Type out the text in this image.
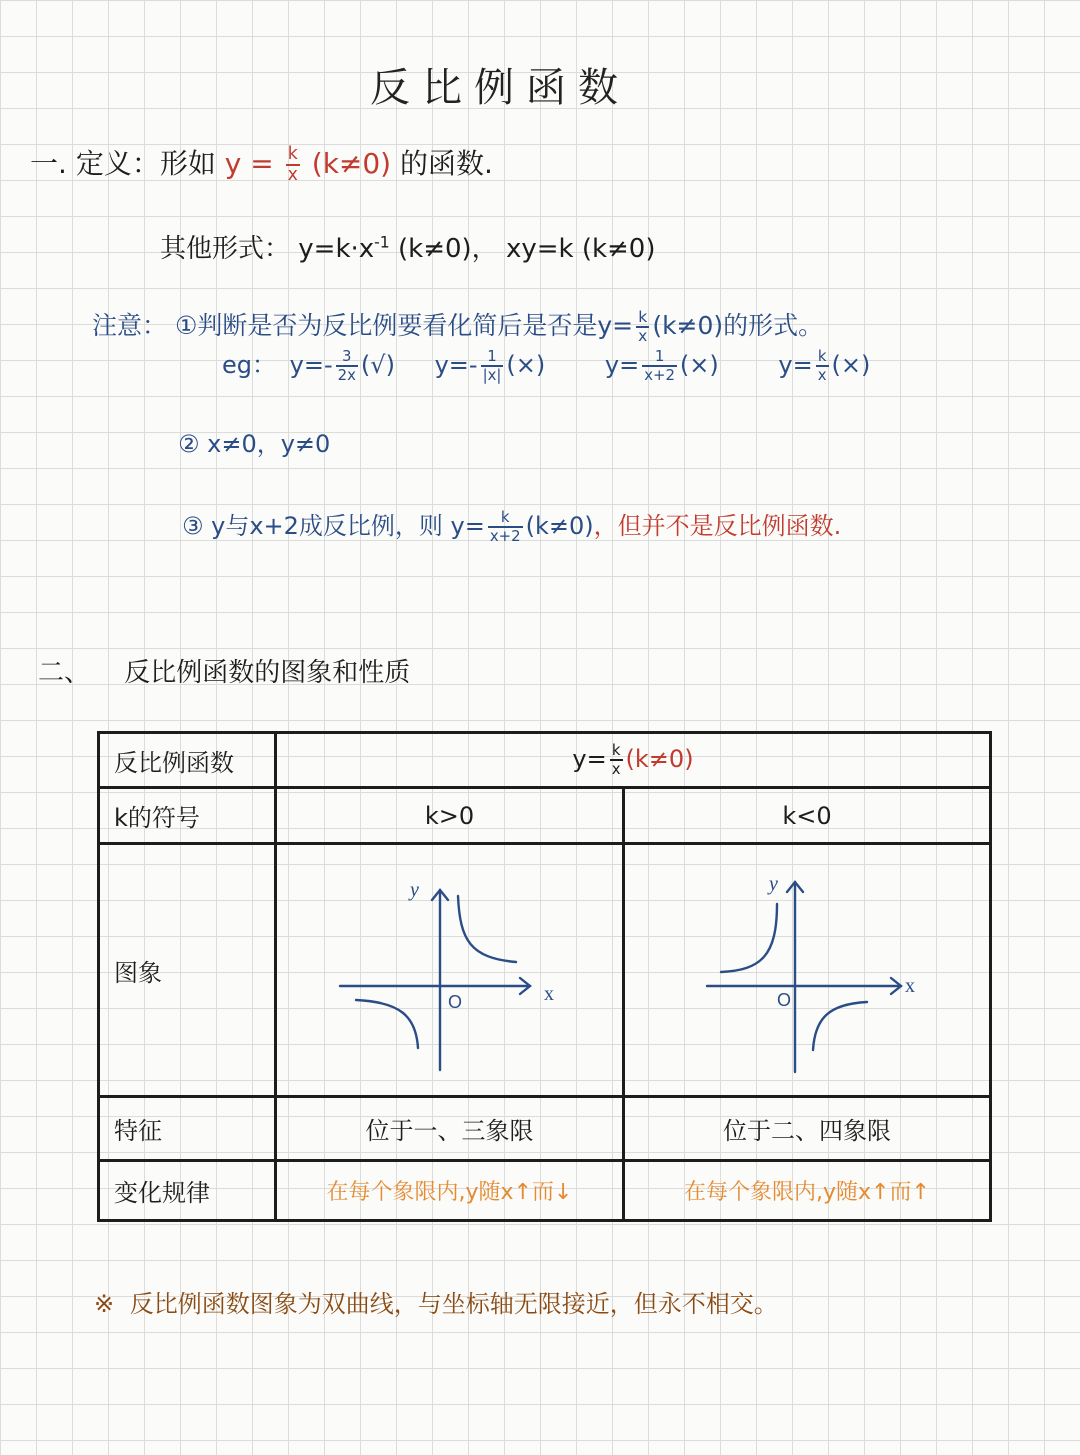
反比例函数
一. 定义：形如 $y = \frac{k}{x} (k\ne 0)$ 的函数.
其他形式： $y=k\cdot x^{-1}$ (k≠0)， xy=k (k≠0)
注意： ①判断是否为反比例要看化简后是否是$y= \frac{k}{x} (k\ne 0)$的形式。
eg： $y=- \frac{3}{2x}$ (√) $y=- \frac{1}{|x|}$ (×) $y= \frac{1}{x+2}$ (×) $y= \frac{k}{x}$ (×)
② x≠0，y≠0
③ y与x+2成反比例，则 $y= \frac{k}{x+2} (k\ne 0)$，但并不是反比例函数.
二、 反比例函数的图象和性质
反比例函数	$y= \frac{k}{x} (k\ne 0)$	
k的符号	k>0	k<0
图象	y
x
O	y
x
O

特征	位于一、三象限	位于二、四象限
变化规律	在每个象限内,y随x↑而↓	在每个象限内,y随x↑而↑
※ 反比例函数图象为双曲线，与坐标轴无限接近，但永不相交。
